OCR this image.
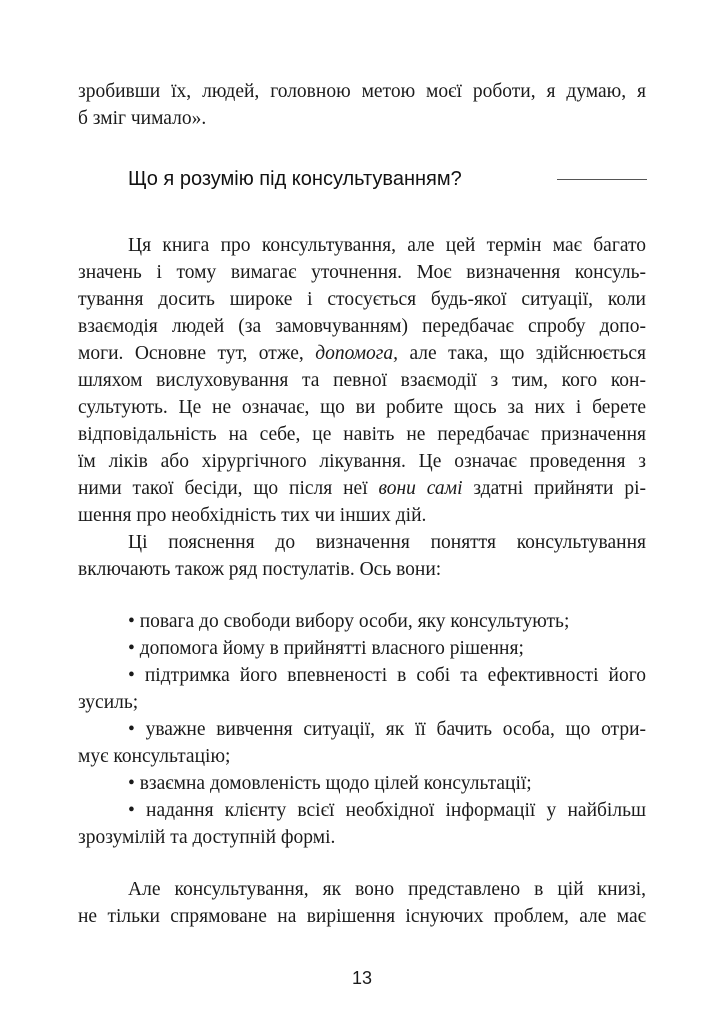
зробивши їх, людей, головною метою моєї роботи, я думаю, я
б зміг чимало».
Що я розумію під консультуванням?
Ця книга про консультування, але цей термін має багато
значень і тому вимагає уточнення. Моє визначення консуль-
тування досить широке і стосується будь-якої ситуації, коли
взаємодія людей (за замовчуванням) передбачає спробу допо-
моги. Основне тут, отже, допомога, але така, що здійснюється
шляхом вислуховування та певної взаємодії з тим, кого кон-
сультують. Це не означає, що ви робите щось за них і берете
відповідальність на себе, це навіть не передбачає призначення
їм ліків або хірургічного лікування. Це означає проведення з
ними такої бесіди, що після неї вони самі здатні прийняти рі-
шення про необхідність тих чи інших дій.
Ці пояснення до визначення поняття консультування
включають також ряд постулатів. Ось вони:
• повага до свободи вибору особи, яку консультують;
• допомога йому в прийнятті власного рішення;
• підтримка його впевненості в собі та ефективності його
зусиль;
• уважне вивчення ситуації, як її бачить особа, що отри-
мує консультацію;
• взаємна домовленість щодо цілей консультації;
• надання клієнту всієї необхідної інформації у найбільш
зрозумілій та доступній формі.
Але консультування, як воно представлено в цій книзі,
не тільки спрямоване на вирішення існуючих проблем, але має
13
